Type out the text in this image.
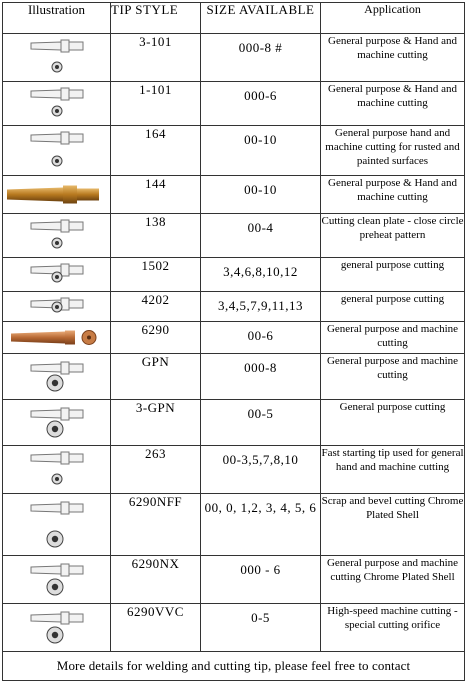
Illustration	TIP STYLE	SIZE AVAILABLE	Application

	3-101	000-8 #	General purpose & Hand and machine cutting

	1-101	000-6	General purpose & Hand and machine cutting

	164	00-10	General purpose hand and machine cutting for rusted and painted surfaces

	144	00-10	General purpose & Hand and machine cutting

	138	00-4	Cutting clean plate - close circle preheat pattern

	1502	3,4,6,8,10,12	general purpose cutting

	4202	3,4,5,7,9,11,13	general purpose cutting

	6290	00-6	General purpose and machine cutting

	GPN	000-8	General purpose and machine cutting

	3-GPN	00-5	General purpose cutting

	263	00-3,5,7,8,10	Fast starting tip used for general hand and machine cutting

	6290NFF	00, 0, 1,2, 3, 4, 5, 6	Scrap and bevel cutting Chrome Plated Shell

	6290NX	000 - 6	General purpose and machine cutting Chrome Plated Shell

	6290VVC	0-5	High-speed machine cutting -special cutting orifice
More details for welding and cutting tip, please feel free to contact			
